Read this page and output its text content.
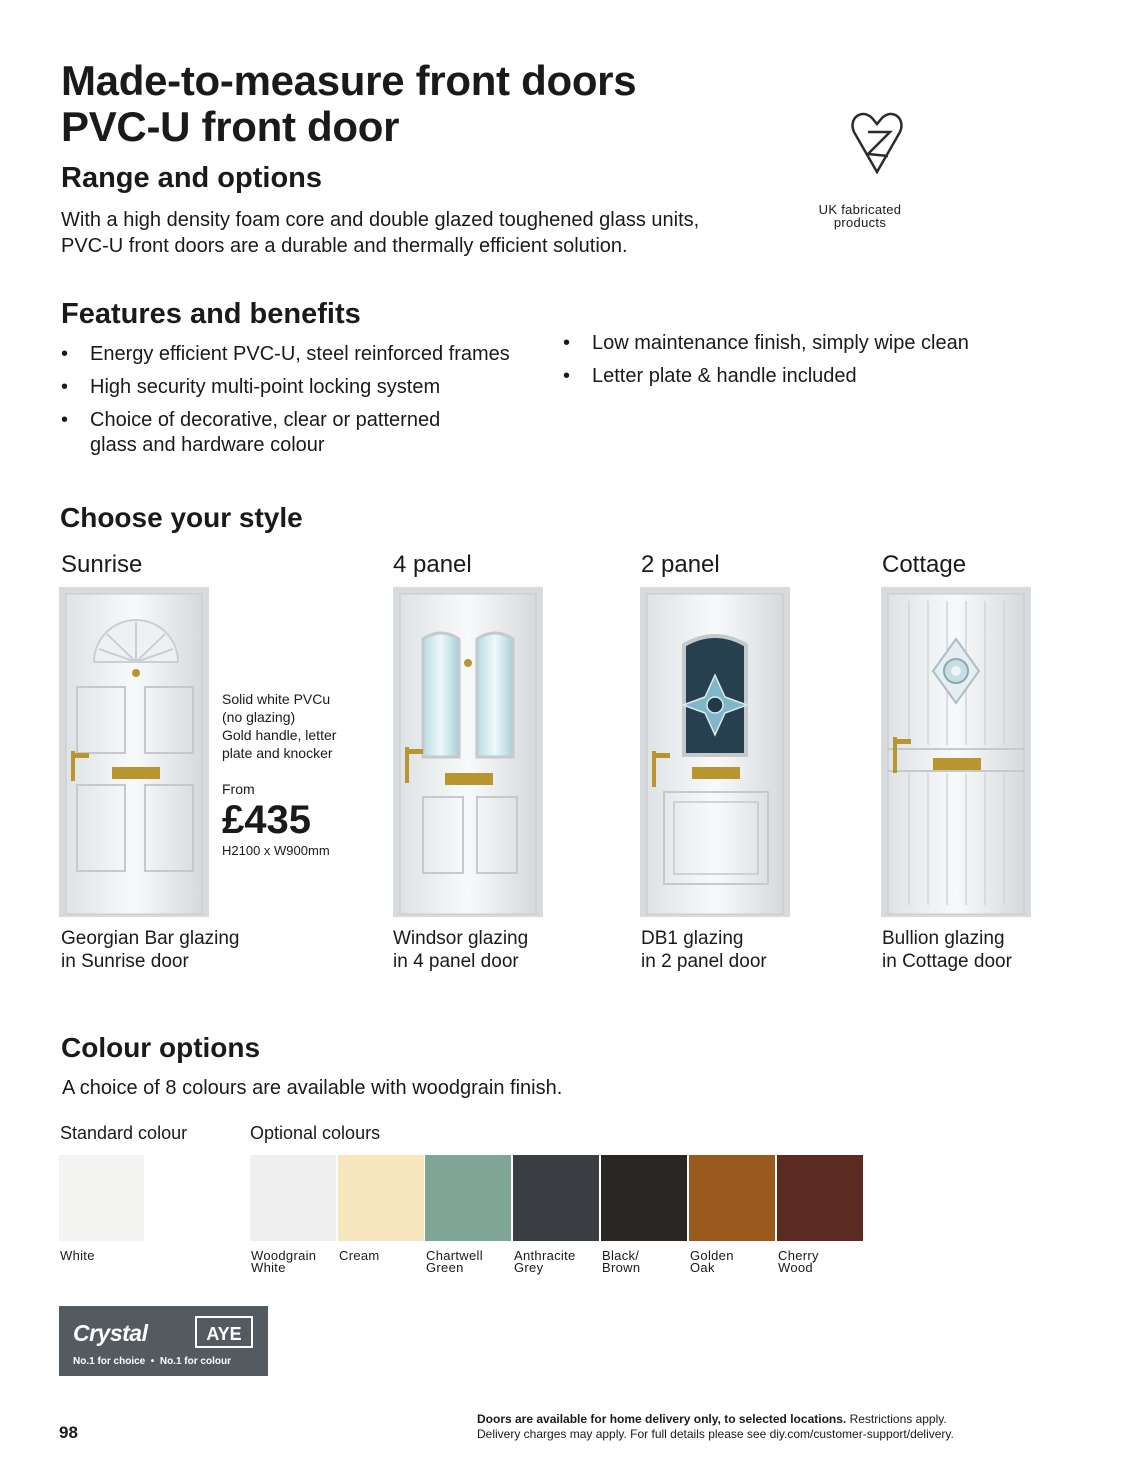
Made-to-measure front doors
PVC-U front door
UK fabricated
products
Range and options
With a high density foam core and double glazed toughened glass units,
PVC-U front doors are a durable and thermally efficient solution.
Features and benefits
• Energy efficient PVC-U, steel reinforced frames
• High security multi-point locking system
• Choice of decorative, clear or patterned
glass and hardware colour
• Low maintenance finish, simply wipe clean
• Letter plate & handle included
Choose your style
Sunrise	4 panel	2 panel	Cottage
Solid white PVCu
(no glazing)
Gold handle, letter
plate and knocker
From
£435
H2100 x W900mm
Georgian Bar glazing
in Sunrise door
Windsor glazing
in 4 panel door
DB1 glazing
in 2 panel door
Bullion glazing
in Cottage door
Colour options
A choice of 8 colours are available with woodgrain finish.
Standard colour	Optional colours
White	Woodgrain
White
Cream	Chartwell
Green
Anthracite
Grey
Black/
Brown
Golden
Oak
Cherry
Wood
Crystal	AYE
No.1 for choice  •  No.1 for colour
98
Doors are available for home delivery only, to selected locations. Restrictions apply.
Delivery charges may apply. For full details please see diy.com/customer-support/delivery.
